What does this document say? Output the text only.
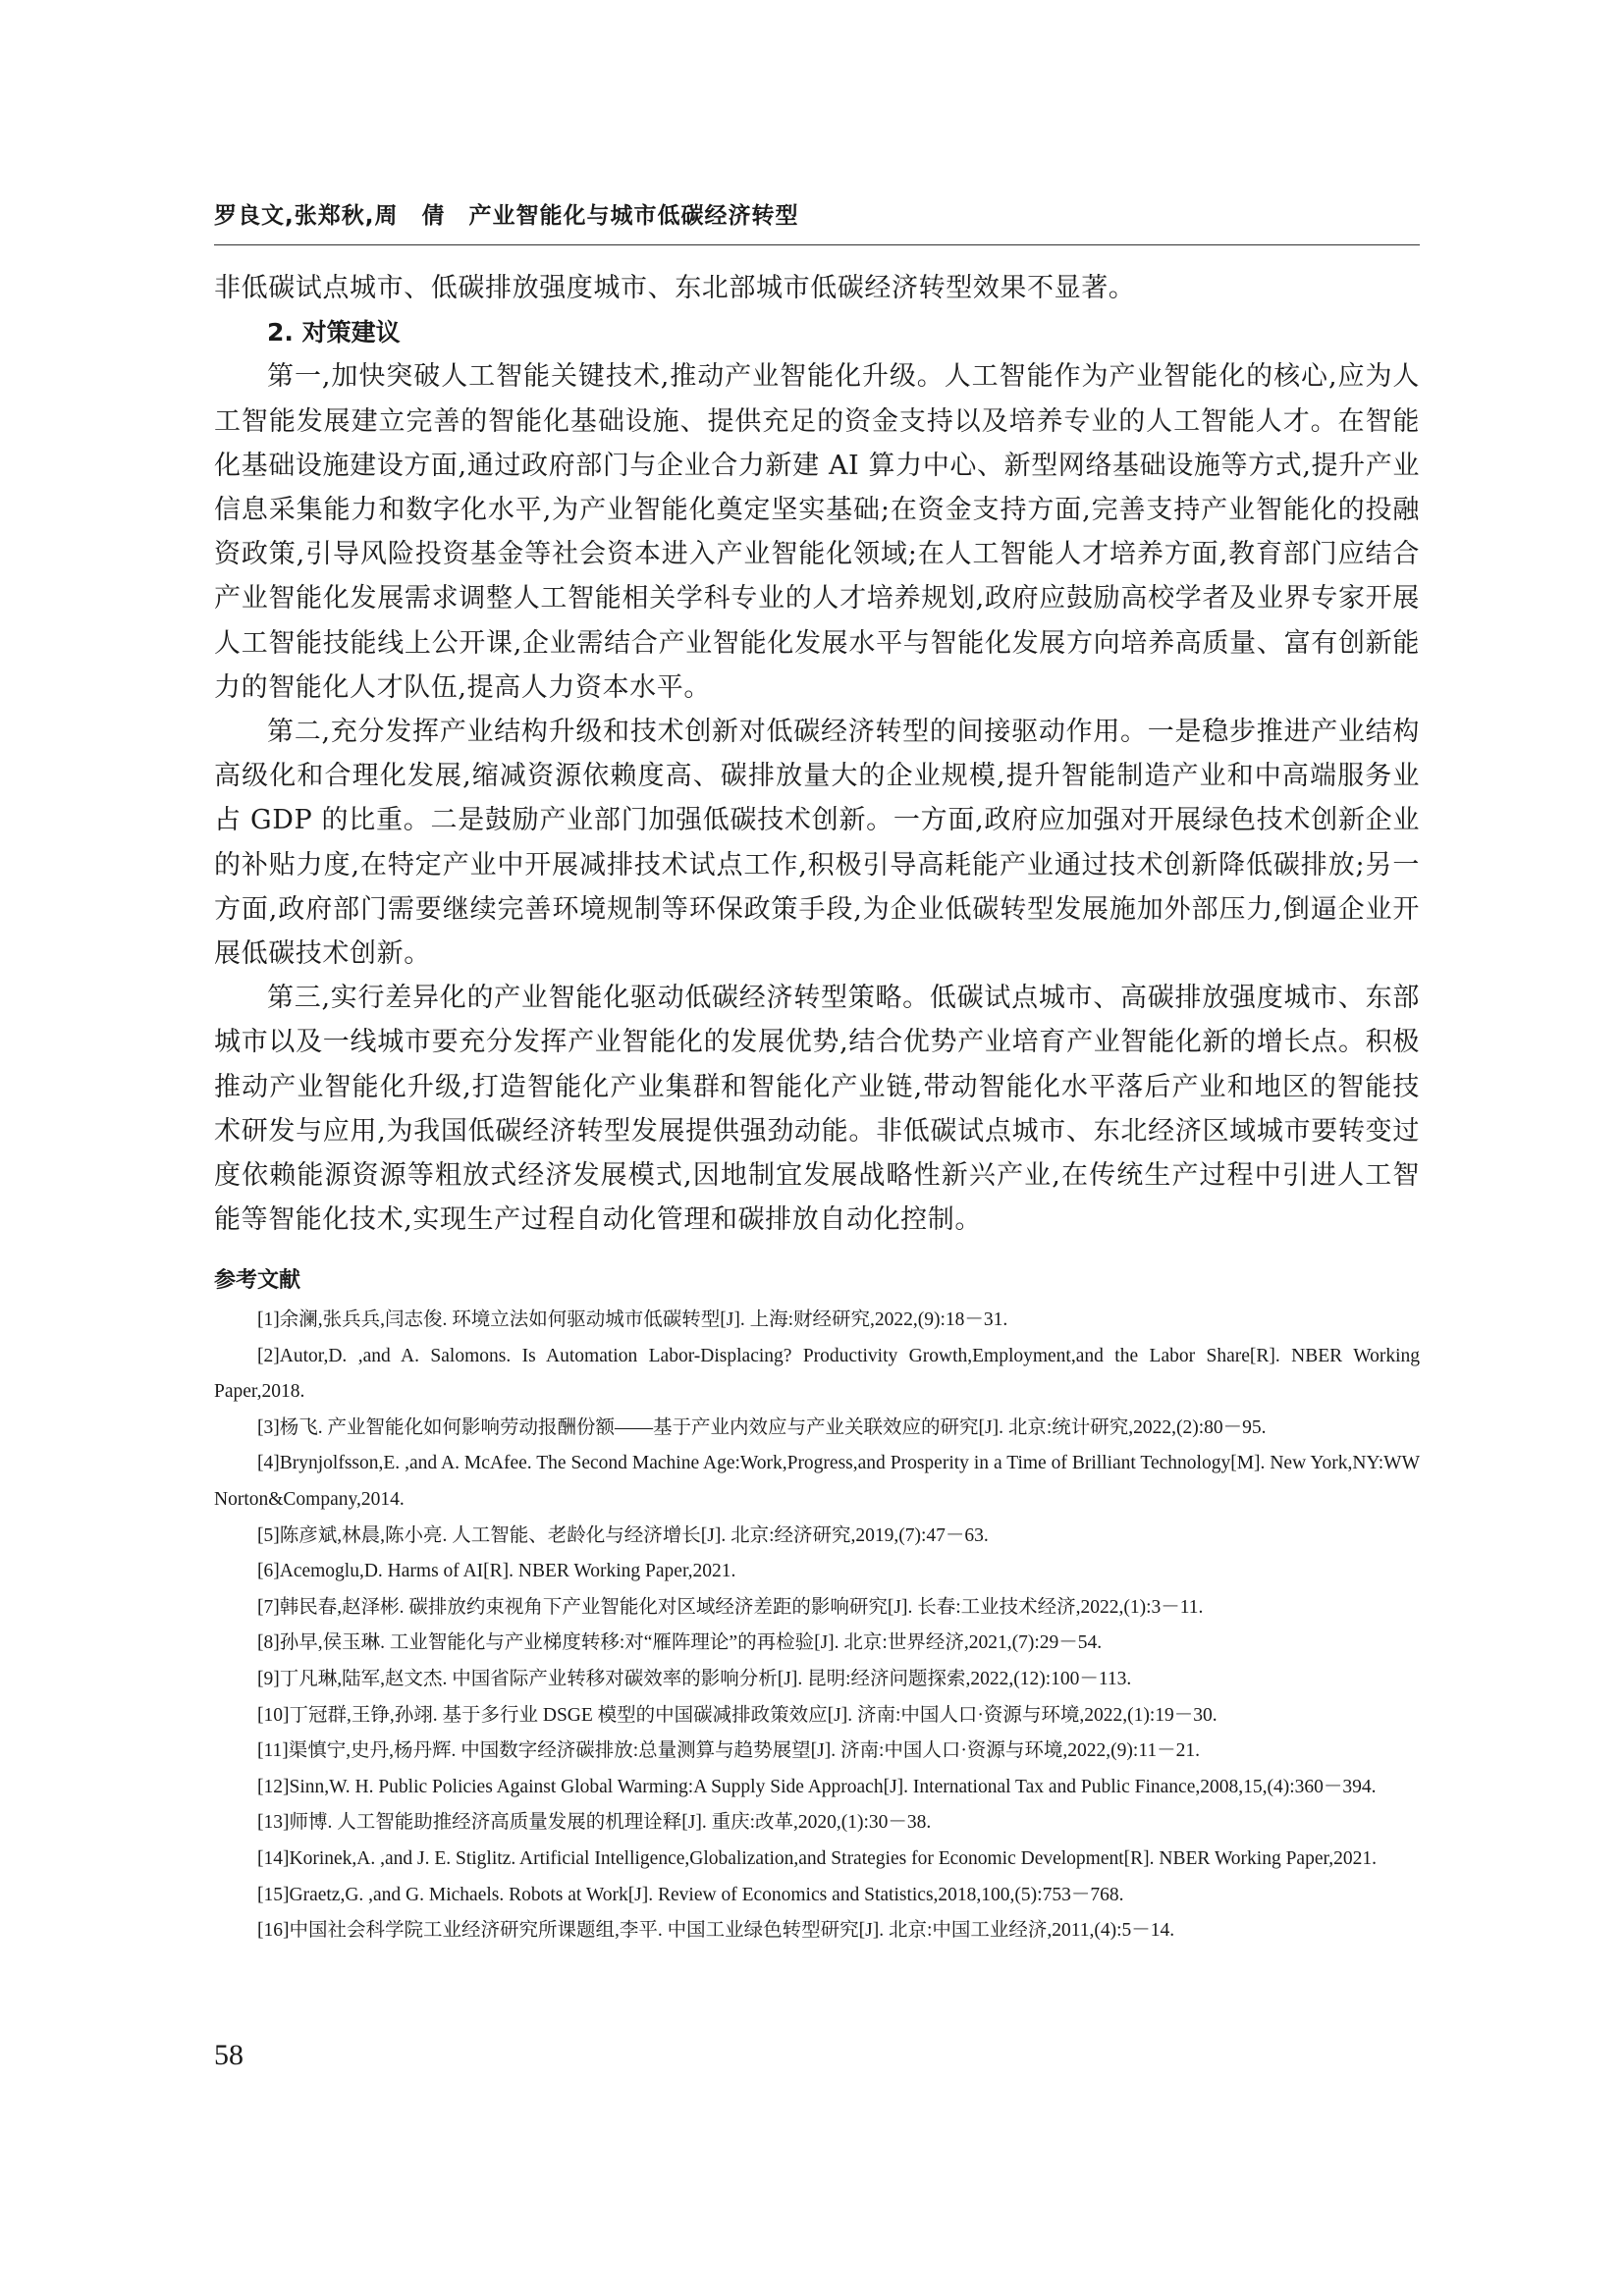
罗良文,张郑秋,周　倩　产业智能化与城市低碳经济转型

非低碳试点城市、低碳排放强度城市、东北部城市低碳经济转型效果不显著。

2. 对策建议

第一,加快突破人工智能关键技术,推动产业智能化升级。人工智能作为产业智能化的核心,应为人工智能发展建立完善的智能化基础设施、提供充足的资金支持以及培养专业的人工智能人才。在智能化基础设施建设方面,通过政府部门与企业合力新建 AI 算力中心、新型网络基础设施等方式,提升产业信息采集能力和数字化水平,为产业智能化奠定坚实基础;在资金支持方面,完善支持产业智能化的投融资政策,引导风险投资基金等社会资本进入产业智能化领域;在人工智能人才培养方面,教育部门应结合产业智能化发展需求调整人工智能相关学科专业的人才培养规划,政府应鼓励高校学者及业界专家开展人工智能技能线上公开课,企业需结合产业智能化发展水平与智能化发展方向培养高质量、富有创新能力的智能化人才队伍,提高人力资本水平。

第二,充分发挥产业结构升级和技术创新对低碳经济转型的间接驱动作用。一是稳步推进产业结构高级化和合理化发展,缩减资源依赖度高、碳排放量大的企业规模,提升智能制造产业和中高端服务业占 GDP 的比重。二是鼓励产业部门加强低碳技术创新。一方面,政府应加强对开展绿色技术创新企业的补贴力度,在特定产业中开展减排技术试点工作,积极引导高耗能产业通过技术创新降低碳排放;另一方面,政府部门需要继续完善环境规制等环保政策手段,为企业低碳转型发展施加外部压力,倒逼企业开展低碳技术创新。

第三,实行差异化的产业智能化驱动低碳经济转型策略。低碳试点城市、高碳排放强度城市、东部城市以及一线城市要充分发挥产业智能化的发展优势,结合优势产业培育产业智能化新的增长点。积极推动产业智能化升级,打造智能化产业集群和智能化产业链,带动智能化水平落后产业和地区的智能技术研发与应用,为我国低碳经济转型发展提供强劲动能。非低碳试点城市、东北经济区域城市要转变过度依赖能源资源等粗放式经济发展模式,因地制宜发展战略性新兴产业,在传统生产过程中引进人工智能等智能化技术,实现生产过程自动化管理和碳排放自动化控制。

参考文献

[1]余澜,张兵兵,闫志俊. 环境立法如何驱动城市低碳转型[J]. 上海:财经研究,2022,(9):18－31.

[2]Autor,D. ,and A. Salomons. Is Automation Labor-Displacing? Productivity Growth,Employment,and the Labor Share[R]. NBER Working Paper,2018.

[3]杨飞. 产业智能化如何影响劳动报酬份额——基于产业内效应与产业关联效应的研究[J]. 北京:统计研究,2022,(2):80－95.

[4]Brynjolfsson,E. ,and A. McAfee. The Second Machine Age:Work,Progress,and Prosperity in a Time of Brilliant Technology[M]. New York,NY:WW Norton&Company,2014.

[5]陈彦斌,林晨,陈小亮. 人工智能、老龄化与经济增长[J]. 北京:经济研究,2019,(7):47－63.

[6]Acemoglu,D. Harms of AI[R]. NBER Working Paper,2021.

[7]韩民春,赵泽彬. 碳排放约束视角下产业智能化对区域经济差距的影响研究[J]. 长春:工业技术经济,2022,(1):3－11.

[8]孙早,侯玉琳. 工业智能化与产业梯度转移:对“雁阵理论”的再检验[J]. 北京:世界经济,2021,(7):29－54.

[9]丁凡琳,陆军,赵文杰. 中国省际产业转移对碳效率的影响分析[J]. 昆明:经济问题探索,2022,(12):100－113.

[10]丁冠群,王铮,孙翊. 基于多行业 DSGE 模型的中国碳减排政策效应[J]. 济南:中国人口·资源与环境,2022,(1):19－30.

[11]渠慎宁,史丹,杨丹辉. 中国数字经济碳排放:总量测算与趋势展望[J]. 济南:中国人口·资源与环境,2022,(9):11－21.

[12]Sinn,W. H. Public Policies Against Global Warming:A Supply Side Approach[J]. International Tax and Public Finance,2008,15,(4):360－394.

[13]师博. 人工智能助推经济高质量发展的机理诠释[J]. 重庆:改革,2020,(1):30－38.

[14]Korinek,A. ,and J. E. Stiglitz. Artificial Intelligence,Globalization,and Strategies for Economic Development[R]. NBER Working Paper,2021.

[15]Graetz,G. ,and G. Michaels. Robots at Work[J]. Review of Economics and Statistics,2018,100,(5):753－768.

[16]中国社会科学院工业经济研究所课题组,李平. 中国工业绿色转型研究[J]. 北京:中国工业经济,2011,(4):5－14.

58
